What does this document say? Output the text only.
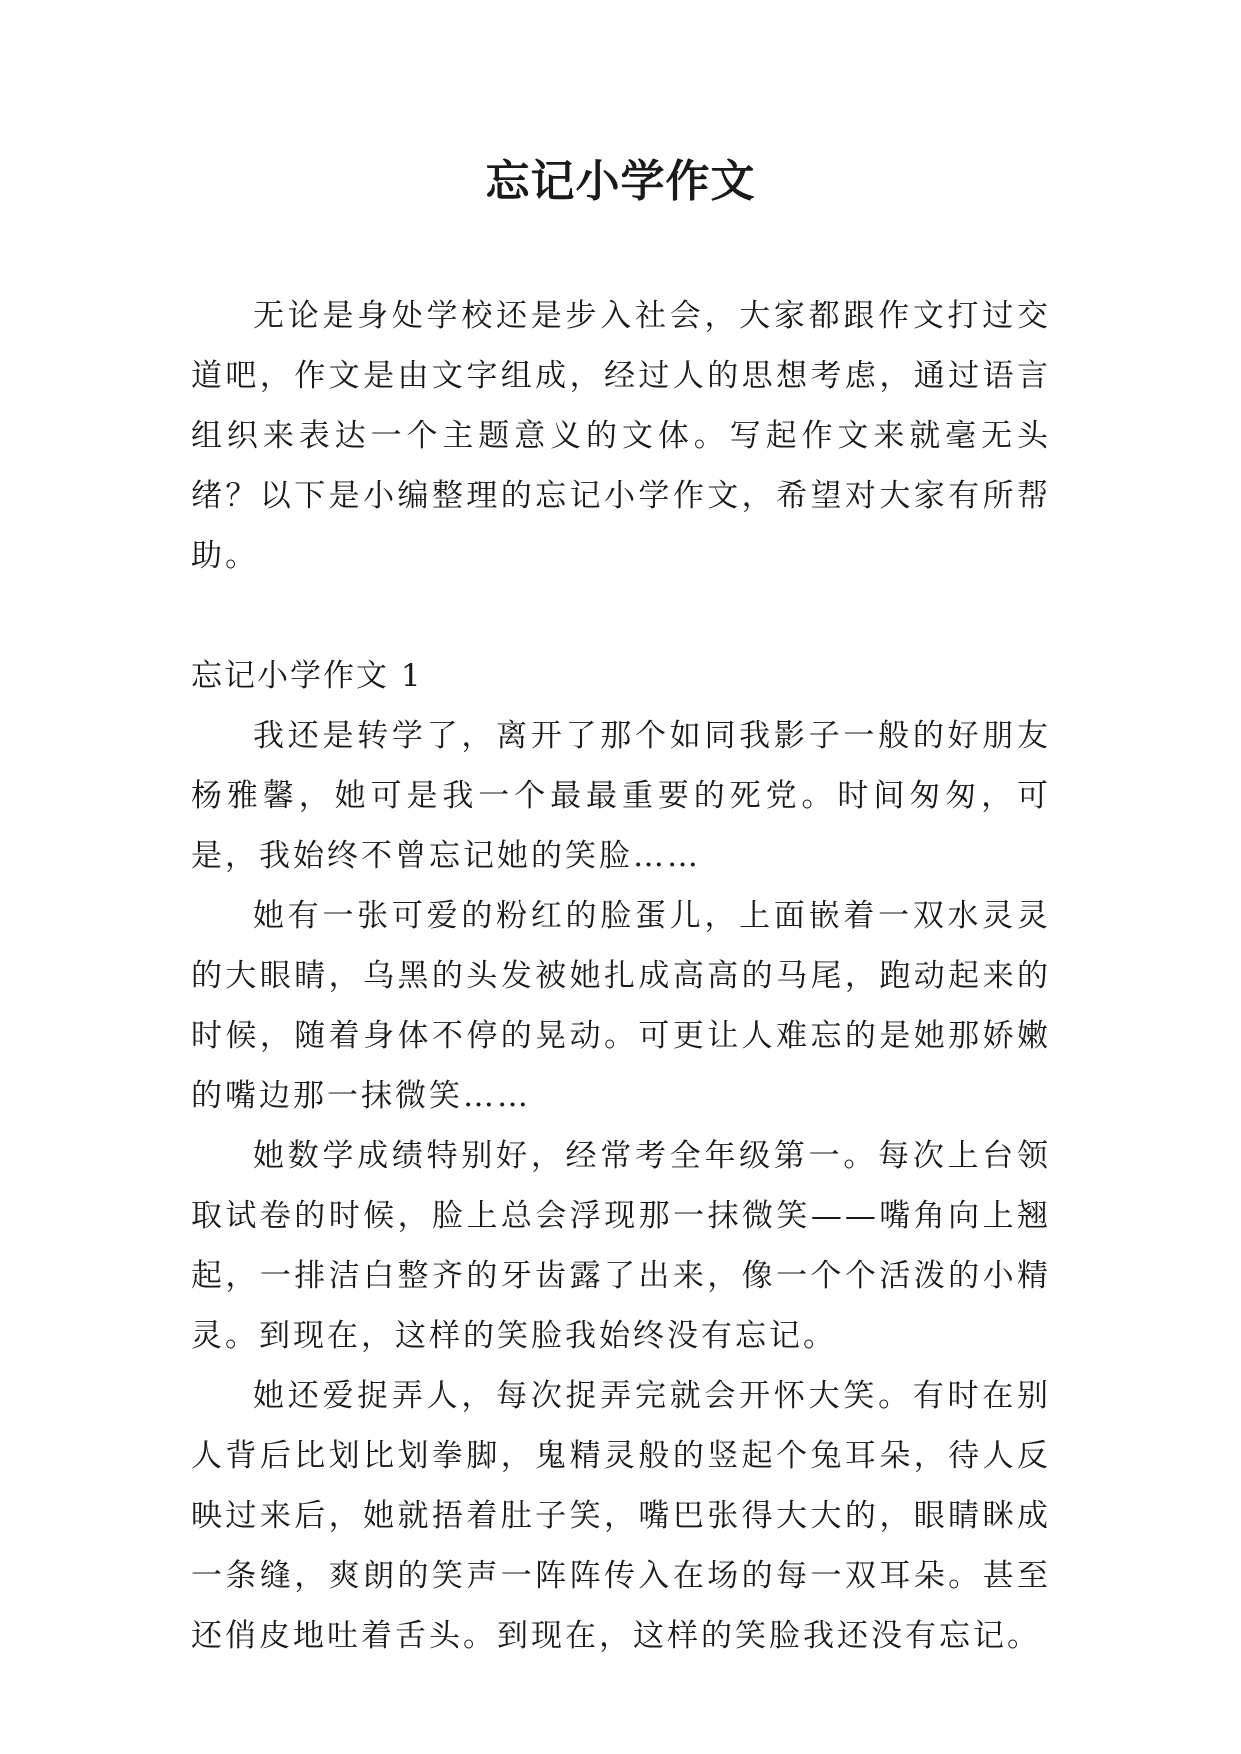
忘记小学作文

无论是身处学校还是步入社会，大家都跟作文打过交道吧，作文是由文字组成，经过人的思想考虑，通过语言组织来表达一个主题意义的文体。写起作文来就毫无头绪？以下是小编整理的忘记小学作文，希望对大家有所帮助。

忘记小学作文 1

我还是转学了，离开了那个如同我影子一般的好朋友杨雅馨，她可是我一个最最重要的死党。时间匆匆，可是，我始终不曾忘记她的笑脸……

她有一张可爱的粉红的脸蛋儿，上面嵌着一双水灵灵的大眼睛，乌黑的头发被她扎成高高的马尾，跑动起来的时候，随着身体不停的晃动。可更让人难忘的是她那娇嫩的嘴边那一抹微笑……

她数学成绩特别好，经常考全年级第一。每次上台领取试卷的时候，脸上总会浮现那一抹微笑——嘴角向上翘起，一排洁白整齐的牙齿露了出来，像一个个活泼的小精灵。到现在，这样的笑脸我始终没有忘记。

她还爱捉弄人，每次捉弄完就会开怀大笑。有时在别人背后比划比划拳脚，鬼精灵般的竖起个兔耳朵，待人反映过来后，她就捂着肚子笑，嘴巴张得大大的，眼睛眯成一条缝，爽朗的笑声一阵阵传入在场的每一双耳朵。甚至还俏皮地吐着舌头。到现在，这样的笑脸我还没有忘记。
